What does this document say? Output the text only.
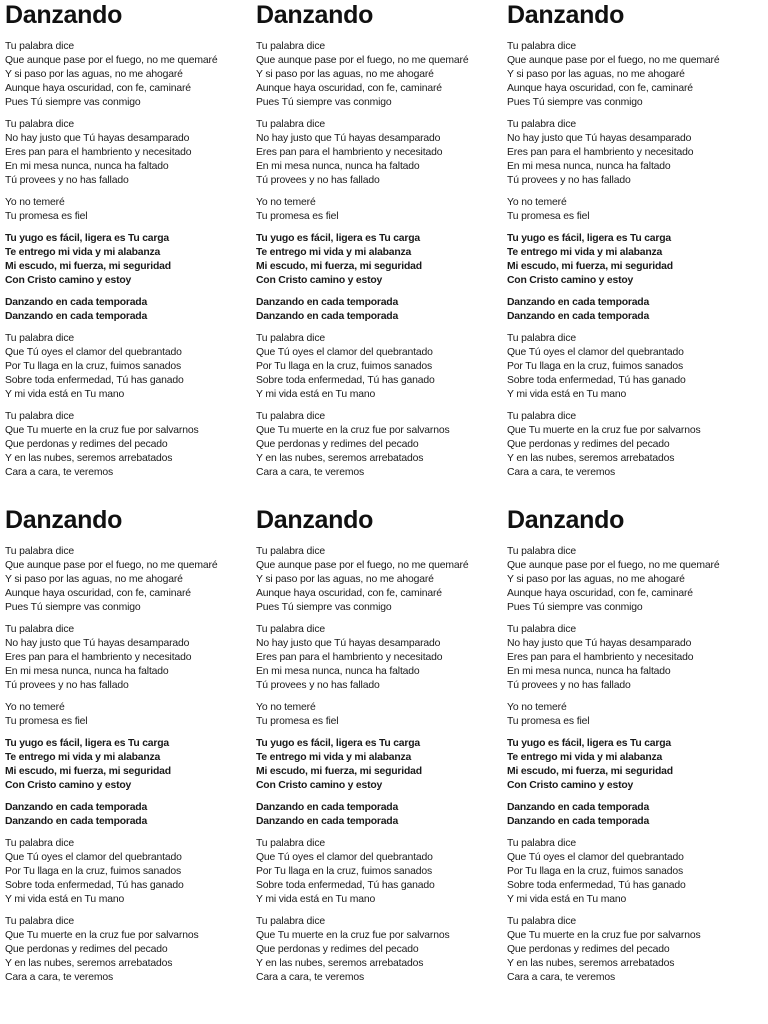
Danzando
Tu palabra dice
Que aunque pase por el fuego, no me quemaré
Y si paso por las aguas, no me ahogaré
Aunque haya oscuridad, con fe, caminaré
Pues Tú siempre vas conmigo
Tu palabra dice
No hay justo que Tú hayas desamparado
Eres pan para el hambriento y necesitado
En mi mesa nunca, nunca ha faltado
Tú provees y no has fallado
Yo no temeré
Tu promesa es fiel
Tu yugo es fácil, ligera es Tu carga
Te entrego mi vida y mi alabanza
Mi escudo, mi fuerza, mi seguridad
Con Cristo camino y estoy
Danzando en cada temporada
Danzando en cada temporada
Tu palabra dice
Que Tú oyes el clamor del quebrantado
Por Tu llaga en la cruz, fuimos sanados
Sobre toda enfermedad, Tú has ganado
Y mi vida está en Tu mano
Tu palabra dice
Que Tu muerte en la cruz fue por salvarnos
Que perdonas y redimes del pecado
Y en las nubes, seremos arrebatados
Cara a cara, te veremos
Danzando
Tu palabra dice
Que aunque pase por el fuego, no me quemaré
Y si paso por las aguas, no me ahogaré
Aunque haya oscuridad, con fe, caminaré
Pues Tú siempre vas conmigo
Tu palabra dice
No hay justo que Tú hayas desamparado
Eres pan para el hambriento y necesitado
En mi mesa nunca, nunca ha faltado
Tú provees y no has fallado
Yo no temeré
Tu promesa es fiel
Tu yugo es fácil, ligera es Tu carga
Te entrego mi vida y mi alabanza
Mi escudo, mi fuerza, mi seguridad
Con Cristo camino y estoy
Danzando en cada temporada
Danzando en cada temporada
Tu palabra dice
Que Tú oyes el clamor del quebrantado
Por Tu llaga en la cruz, fuimos sanados
Sobre toda enfermedad, Tú has ganado
Y mi vida está en Tu mano
Tu palabra dice
Que Tu muerte en la cruz fue por salvarnos
Que perdonas y redimes del pecado
Y en las nubes, seremos arrebatados
Cara a cara, te veremos
Danzando
Tu palabra dice
Que aunque pase por el fuego, no me quemaré
Y si paso por las aguas, no me ahogaré
Aunque haya oscuridad, con fe, caminaré
Pues Tú siempre vas conmigo
Tu palabra dice
No hay justo que Tú hayas desamparado
Eres pan para el hambriento y necesitado
En mi mesa nunca, nunca ha faltado
Tú provees y no has fallado
Yo no temeré
Tu promesa es fiel
Tu yugo es fácil, ligera es Tu carga
Te entrego mi vida y mi alabanza
Mi escudo, mi fuerza, mi seguridad
Con Cristo camino y estoy
Danzando en cada temporada
Danzando en cada temporada
Tu palabra dice
Que Tú oyes el clamor del quebrantado
Por Tu llaga en la cruz, fuimos sanados
Sobre toda enfermedad, Tú has ganado
Y mi vida está en Tu mano
Tu palabra dice
Que Tu muerte en la cruz fue por salvarnos
Que perdonas y redimes del pecado
Y en las nubes, seremos arrebatados
Cara a cara, te veremos
Danzando
Tu palabra dice
Que aunque pase por el fuego, no me quemaré
Y si paso por las aguas, no me ahogaré
Aunque haya oscuridad, con fe, caminaré
Pues Tú siempre vas conmigo
Tu palabra dice
No hay justo que Tú hayas desamparado
Eres pan para el hambriento y necesitado
En mi mesa nunca, nunca ha faltado
Tú provees y no has fallado
Yo no temeré
Tu promesa es fiel
Tu yugo es fácil, ligera es Tu carga
Te entrego mi vida y mi alabanza
Mi escudo, mi fuerza, mi seguridad
Con Cristo camino y estoy
Danzando en cada temporada
Danzando en cada temporada
Tu palabra dice
Que Tú oyes el clamor del quebrantado
Por Tu llaga en la cruz, fuimos sanados
Sobre toda enfermedad, Tú has ganado
Y mi vida está en Tu mano
Tu palabra dice
Que Tu muerte en la cruz fue por salvarnos
Que perdonas y redimes del pecado
Y en las nubes, seremos arrebatados
Cara a cara, te veremos
Danzando
Tu palabra dice
Que aunque pase por el fuego, no me quemaré
Y si paso por las aguas, no me ahogaré
Aunque haya oscuridad, con fe, caminaré
Pues Tú siempre vas conmigo
Tu palabra dice
No hay justo que Tú hayas desamparado
Eres pan para el hambriento y necesitado
En mi mesa nunca, nunca ha faltado
Tú provees y no has fallado
Yo no temeré
Tu promesa es fiel
Tu yugo es fácil, ligera es Tu carga
Te entrego mi vida y mi alabanza
Mi escudo, mi fuerza, mi seguridad
Con Cristo camino y estoy
Danzando en cada temporada
Danzando en cada temporada
Tu palabra dice
Que Tú oyes el clamor del quebrantado
Por Tu llaga en la cruz, fuimos sanados
Sobre toda enfermedad, Tú has ganado
Y mi vida está en Tu mano
Tu palabra dice
Que Tu muerte en la cruz fue por salvarnos
Que perdonas y redimes del pecado
Y en las nubes, seremos arrebatados
Cara a cara, te veremos
Danzando
Tu palabra dice
Que aunque pase por el fuego, no me quemaré
Y si paso por las aguas, no me ahogaré
Aunque haya oscuridad, con fe, caminaré
Pues Tú siempre vas conmigo
Tu palabra dice
No hay justo que Tú hayas desamparado
Eres pan para el hambriento y necesitado
En mi mesa nunca, nunca ha faltado
Tú provees y no has fallado
Yo no temeré
Tu promesa es fiel
Tu yugo es fácil, ligera es Tu carga
Te entrego mi vida y mi alabanza
Mi escudo, mi fuerza, mi seguridad
Con Cristo camino y estoy
Danzando en cada temporada
Danzando en cada temporada
Tu palabra dice
Que Tú oyes el clamor del quebrantado
Por Tu llaga en la cruz, fuimos sanados
Sobre toda enfermedad, Tú has ganado
Y mi vida está en Tu mano
Tu palabra dice
Que Tu muerte en la cruz fue por salvarnos
Que perdonas y redimes del pecado
Y en las nubes, seremos arrebatados
Cara a cara, te veremos
